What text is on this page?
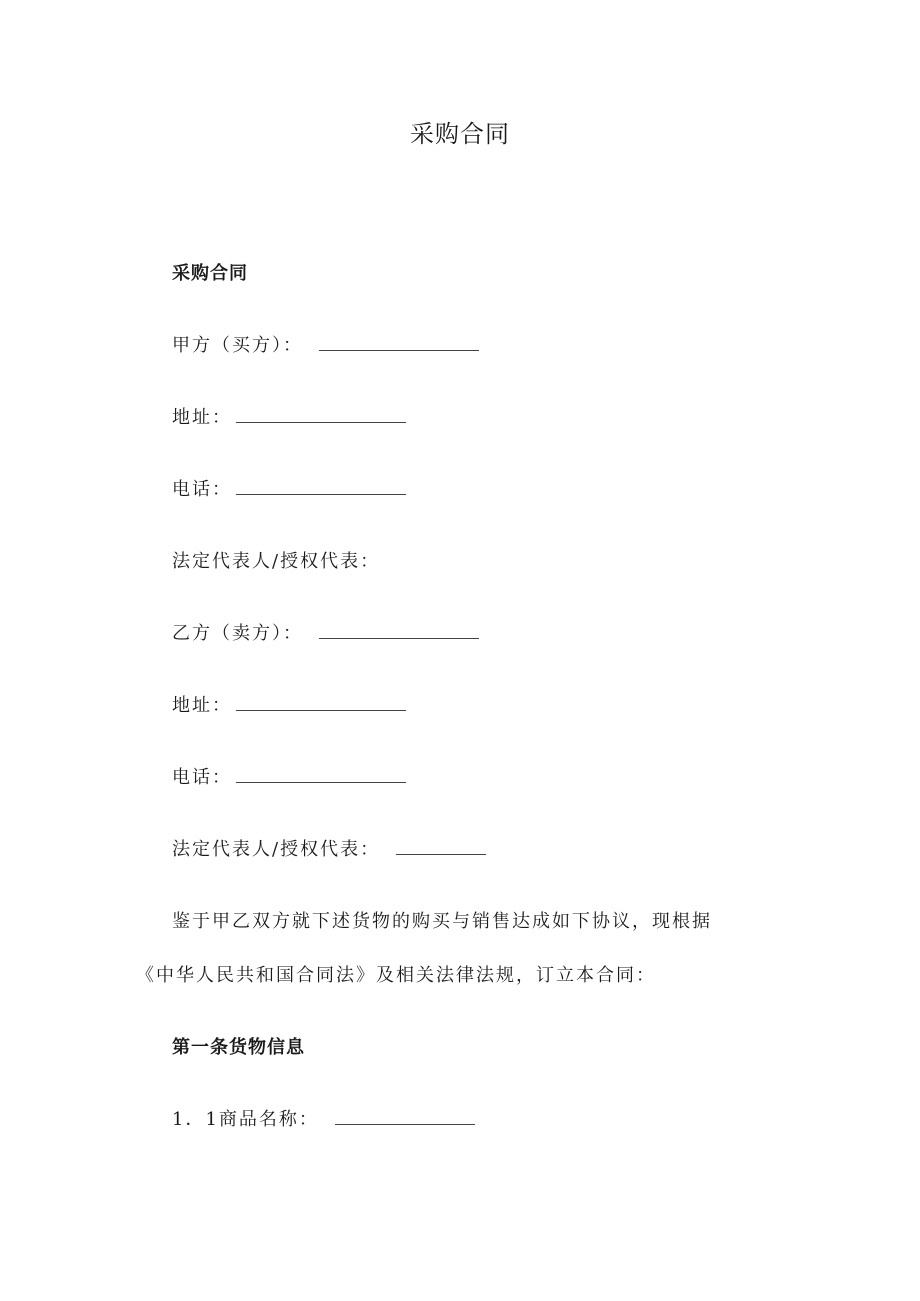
采购合同
采购合同
甲方（买方）：
地址：
电话：
法定代表人/授权代表：
乙方（卖方）：
地址：
电话：
法定代表人/授权代表：
鉴于甲乙双方就下述货物的购买与销售达成如下协议，现根据
《中华人民共和国合同法》及相关法律法规，订立本合同：
第一条货物信息
1．1商品名称：
